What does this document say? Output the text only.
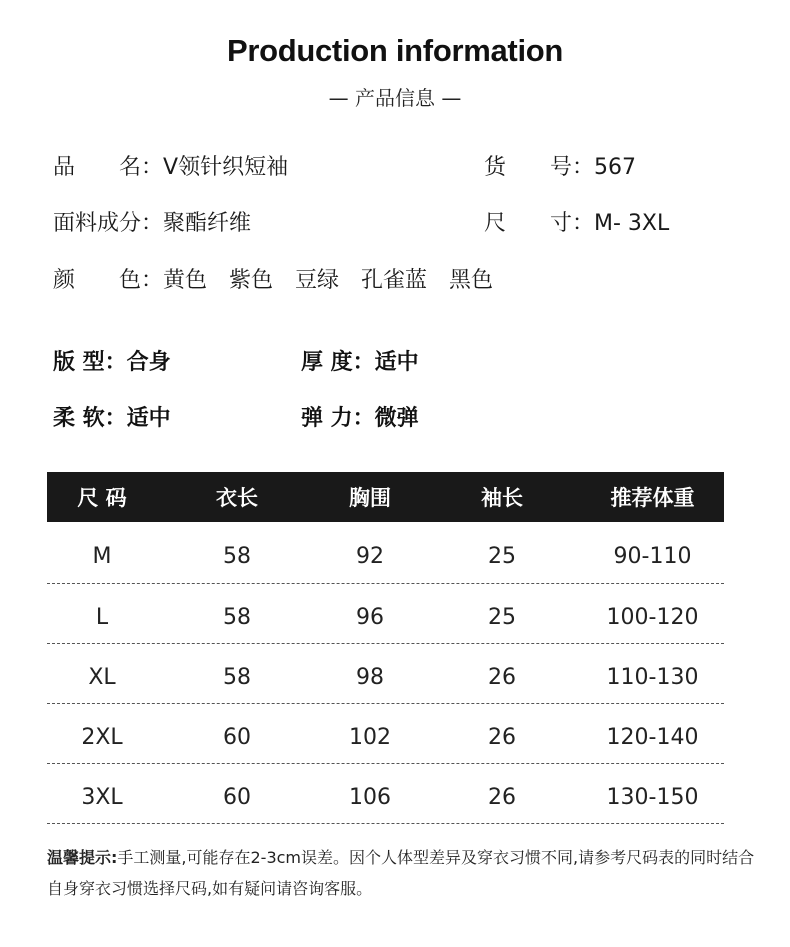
Production information
— 产品信息 —
品　　名：V领针织短袖	货　　号：567
面料成分：聚酯纤维	尺　　寸：M- 3XL
颜　　色：黄色　紫色　豆绿　孔雀蓝　黑色
版 型：合身	厚 度：适中
柔 软：适中	弹 力：微弹
尺 码	衣长	胸围	袖长	推荐体重
M	58	92	25	90-110
L	58	96	25	100-120
XL	58	98	26	110-130
2XL	60	102	26	120-140
3XL	60	106	26	130-150
温馨提示:手工测量,可能存在2-3cm误差。因个人体型差异及穿衣习惯不同,请参考尺码表的同时结合自身穿衣习惯选择尺码,如有疑问请咨询客服。
